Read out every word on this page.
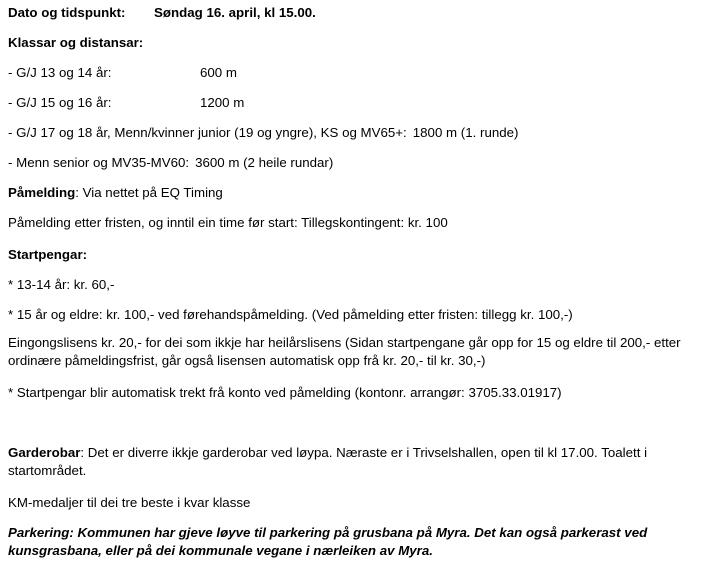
Dato og tidspunkt:	Søndag 16. april, kl 15.00.
Klassar og distansar:
- G/J 13 og 14 år:	600 m
- G/J 15 og 16 år:	1200 m
- G/J 17 og 18 år, Menn/kvinner junior (19 og yngre), KS og MV65+: 1800 m (1. runde)
- Menn senior og MV35-MV60: 3600 m (2 heile rundar)
Påmelding: Via nettet på EQ Timing
Påmelding etter fristen, og inntil ein time før start: Tillegskontingent: kr. 100
Startpengar:
* 13-14 år: kr. 60,-
* 15 år og eldre: kr. 100,- ved førehandspåmelding. (Ved påmelding etter fristen: tillegg kr. 100,-)
Eingongslisens kr. 20,- for dei som ikkje har heilårslisens (Sidan startpengane går opp for 15 og eldre til 200,- etter ordinære påmeldingsfrist, går også lisensen automatisk opp frå kr. 20,- til kr. 30,-)
* Startpengar blir automatisk trekt frå konto ved påmelding (kontonr. arrangør: 3705.33.01917)
Garderobar: Det er diverre ikkje garderobar ved løypa. Næraste er i Trivselshallen, open til kl 17.00. Toalett i startområdet.
KM-medaljer til dei tre beste i kvar klasse
Parkering: Kommunen har gjeve løyve til parkering på grusbana på Myra. Det kan også parkerast ved kunsgrasbana, eller på dei kommunale vegane i nærleiken av Myra.
